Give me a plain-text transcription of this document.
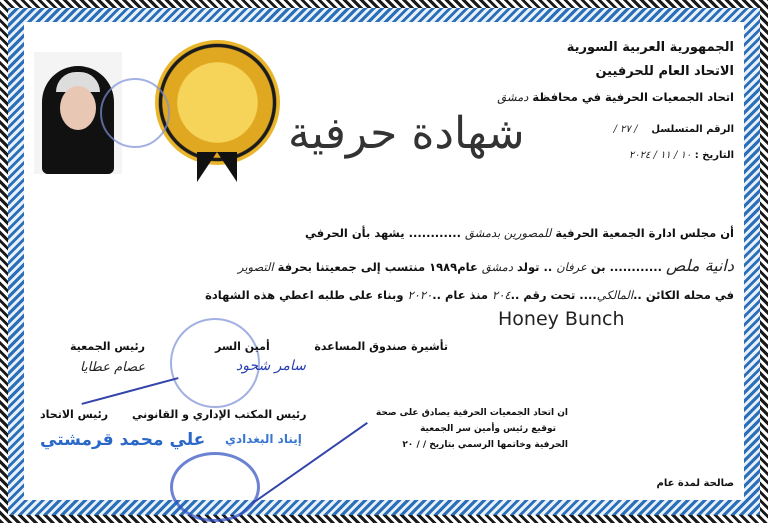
الجمهورية العربية السورية
الاتحاد العام للحرفيين
اتحاد الجمعيات الحرفية في محافظة دمشق
الرقم المتسلسل    / ٢٧ /
التاريخ : ١٠ / ١١ / ٢٠٢٤
شهادة حرفية
أن مجلس ادارة الجمعية الحرفية للمصورين بدمشق ............ يشهد بأن الحرفي
دانية ملص ............ بن عرفان .. تولد دمشق عام١٩٨٩ منتسب إلى جمعيتنا بحرفة التصوير
في محله الكائن ..المالكي.... تحت رقم ..٢٠٤ منذ عام ..٢٠٢٠ وبناء على طلبه اعطي هذه الشهادة
Honey Bunch
تأشيرة صندوق المساعدة
أمين السر
سامر شحود
رئيس الجمعية
عصام عطايا
رئيس الاتحاد رئيس المكتب الإداري و القانوني	ان اتحاد الجمعيات الحرفية يصادق على صحة
توقيع رئيس وأمين سر الجمعية
الحرفية وخاتمها الرسمي بتاريخ / / ٢٠
علي محمد قرمشتي إيناد البغدادي
صالحة لمدة عام
